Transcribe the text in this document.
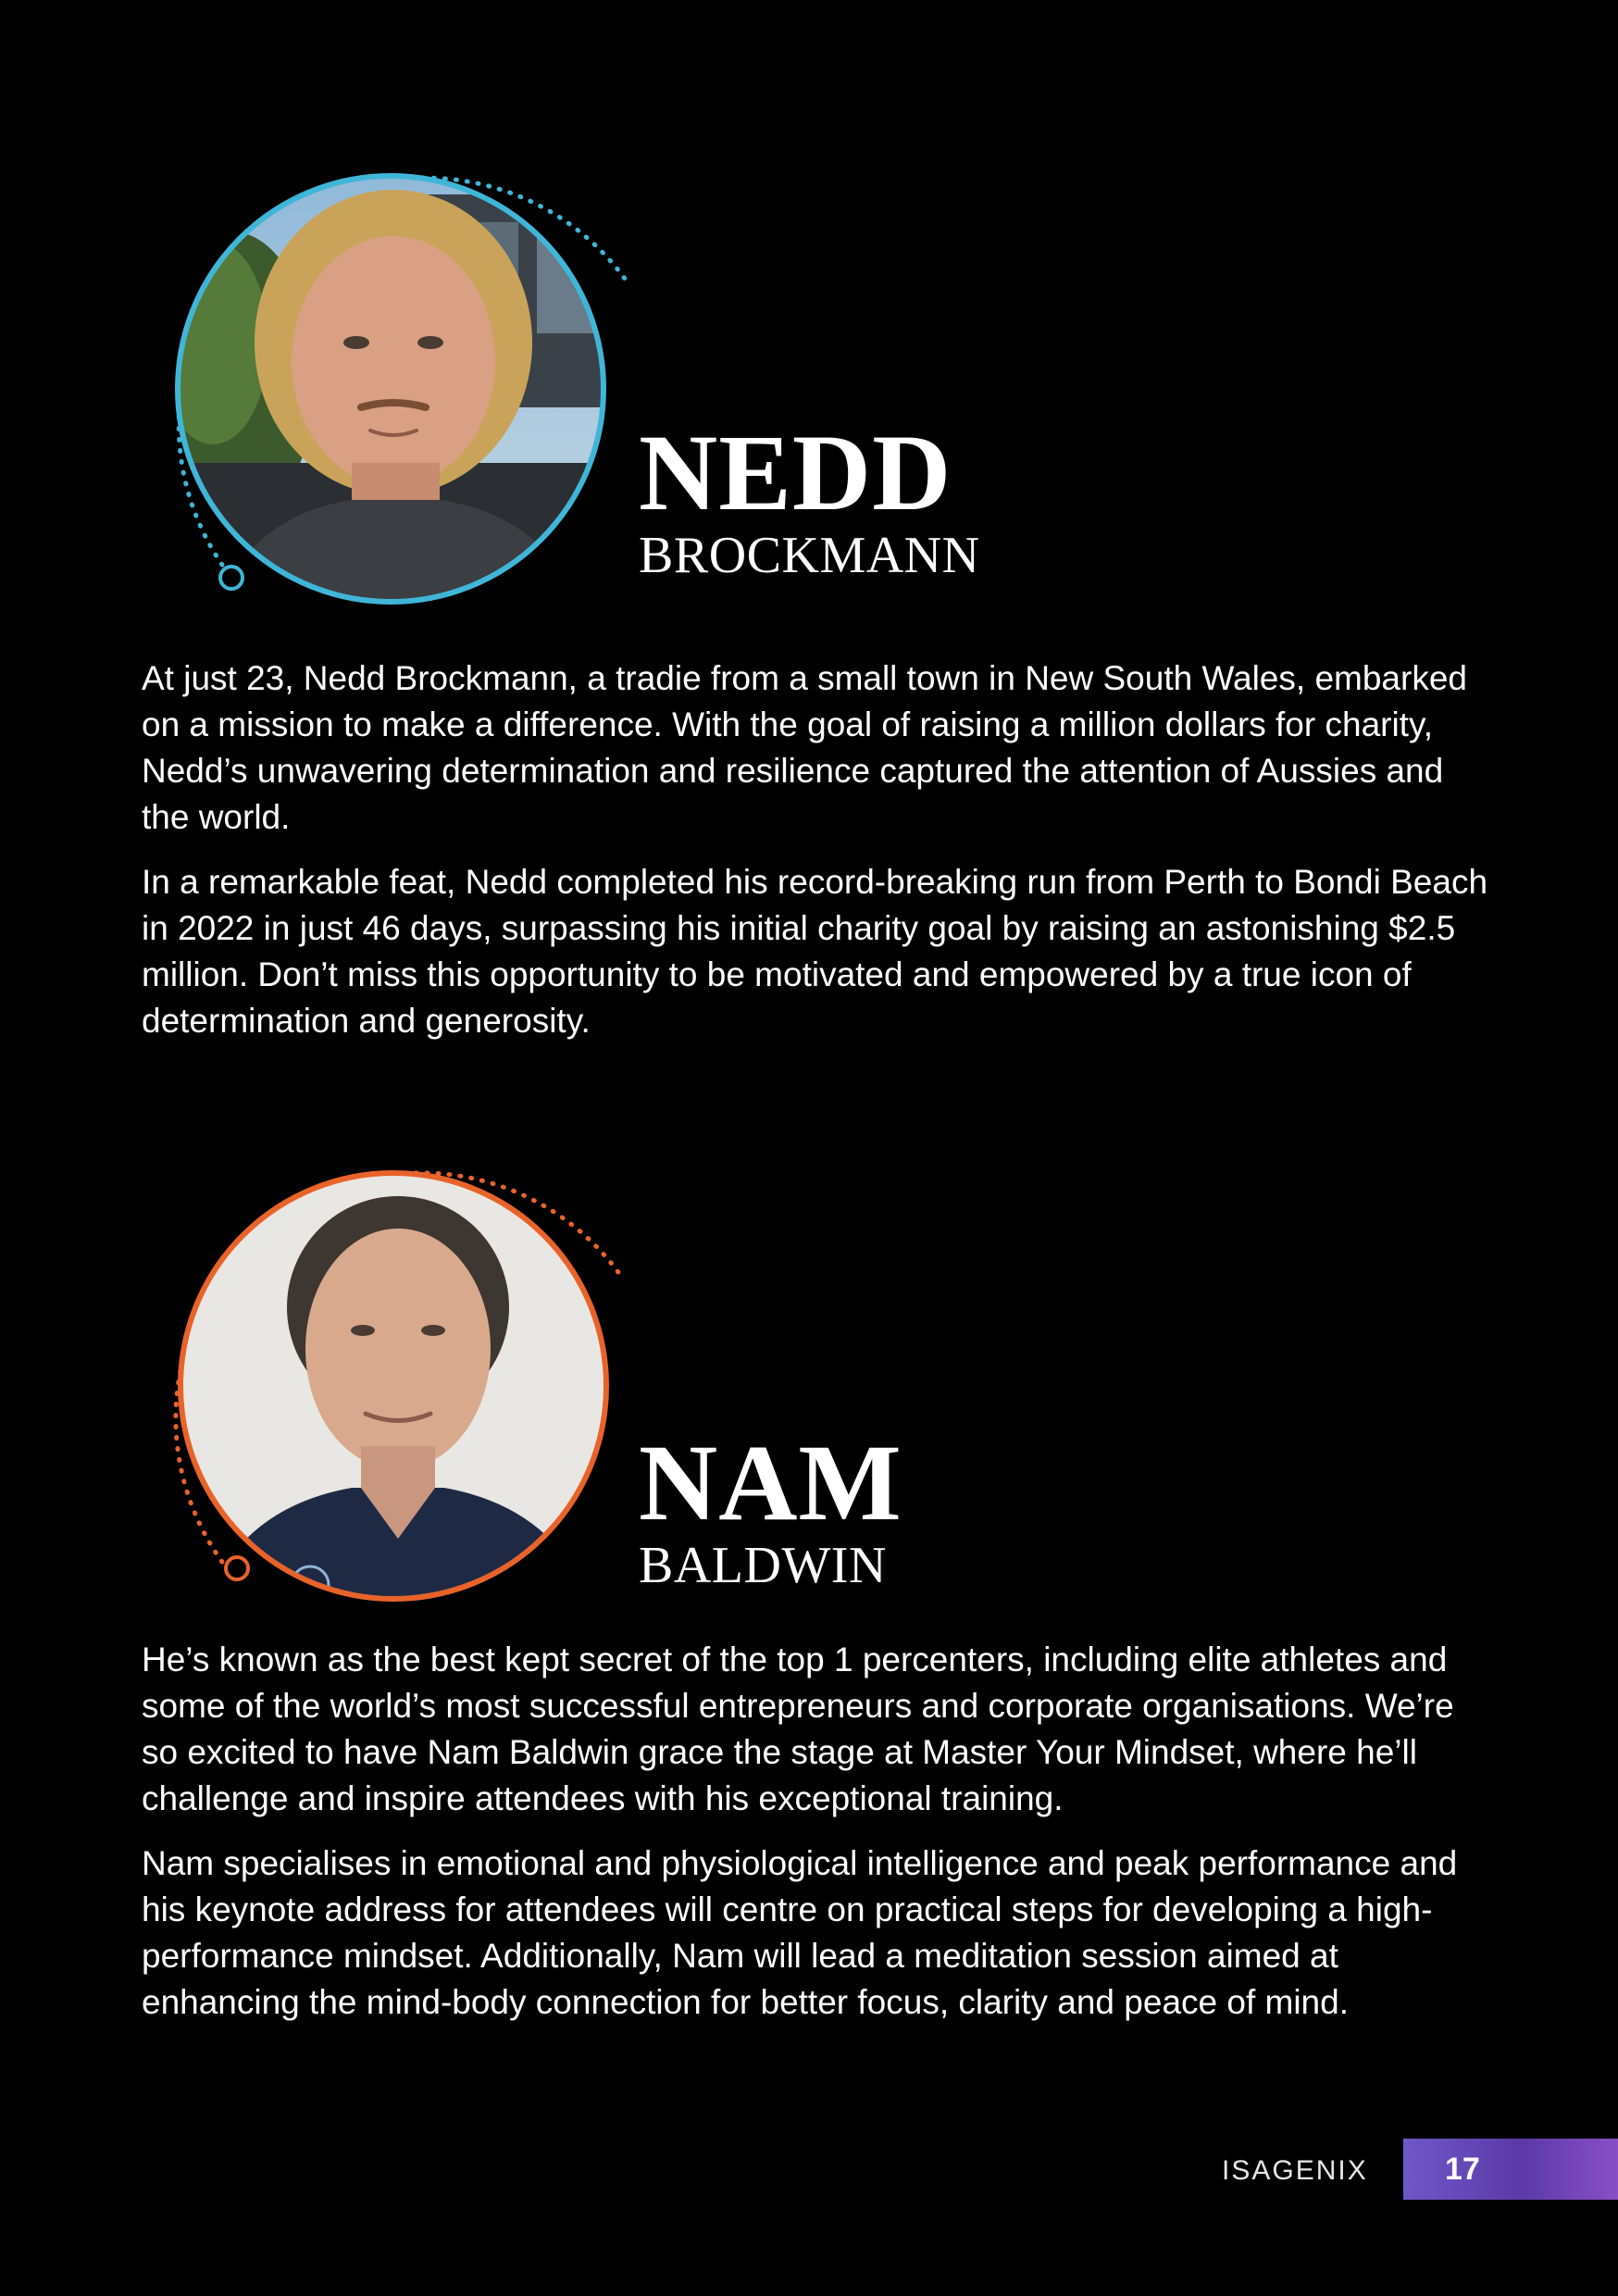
NEDD
BROCKMANN

At just 23, Nedd Brockmann, a tradie from a small town in New South Wales, embarked on a mission to make a difference. With the goal of raising a million dollars for charity, Nedd’s unwavering determination and resilience captured the attention of Aussies and the world.

In a remarkable feat, Nedd completed his record-breaking run from Perth to Bondi Beach in 2022 in just 46 days, surpassing his initial charity goal by raising an astonishing $2.5 million. Don’t miss this opportunity to be motivated and empowered by a true icon of determination and generosity.

NAM
BALDWIN

He’s known as the best kept secret of the top 1 percenters, including elite athletes and some of the world’s most successful entrepreneurs and corporate organisations. We’re so excited to have Nam Baldwin grace the stage at Master Your Mindset, where he’ll challenge and inspire attendees with his exceptional training.

Nam specialises in emotional and physiological intelligence and peak performance and his keynote address for attendees will centre on practical steps for developing a high-performance mindset. Additionally, Nam will lead a meditation session aimed at enhancing the mind-body connection for better focus, clarity and peace of mind.

ISAGENIX 17
